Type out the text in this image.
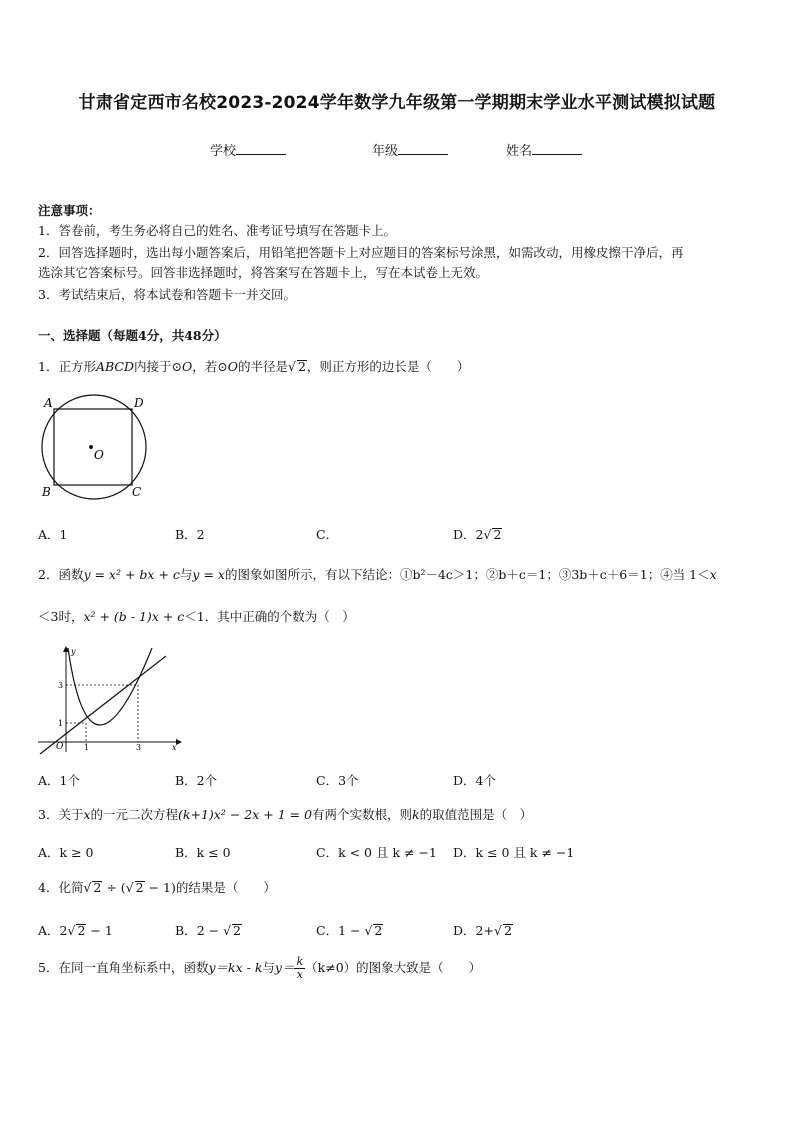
甘肃省定西市名校2023-2024学年数学九年级第一学期期末学业水平测试模拟试题
学校	年级	姓名
注意事项：
1．答卷前，考生务必将自己的姓名、准考证号填写在答题卡上。
2．回答选择题时，选出每小题答案后，用铅笔把答题卡上对应题目的答案标号涂黑，如需改动，用橡皮擦干净后，再
选涂其它答案标号。回答非选择题时，将答案写在答题卡上，写在本试卷上无效。
3．考试结束后，将本试卷和答题卡一并交回。
一、选择题（每题4分，共48分）
1．正方形ABCD内接于⊙O，若⊙O的半径是 √ 2，则正方形的边长是（　　）
A	D
B	C
O
A．1	B．2	C．	D．2 √ 2
2．函数y = x² + bx + c与y = x的图象如图所示，有以下结论：①b²－4c＞1；②b＋c＝1；③3b＋c＋6＝1；④当 1＜x
＜3时，x² + (b - 1)x + c＜1．其中正确的个数为（　）
y
x
O	1	3
1
3
A．1个	B．2个	C．3个	D．4个
3．关于x的一元二次方程(k+1)x² − 2x + 1 = 0有两个实数根，则k的取值范围是（　）
A．k ≥ 0	B．k ≤ 0	C．k < 0 且 k ≠ −1 D．k ≤ 0 且 k ≠ −1
4．化简 √ 2 ÷ ( √ 2 − 1)的结果是（　　）
A．2 √ 2 − 1	B．2 − √ 2	C．1 − √ 2	D．2+ √ 2
5．在同一直角坐标系中，函数y＝kx - k与$y= \frac{k}{x} (k\ne 0)$的图象大致是（　　）
